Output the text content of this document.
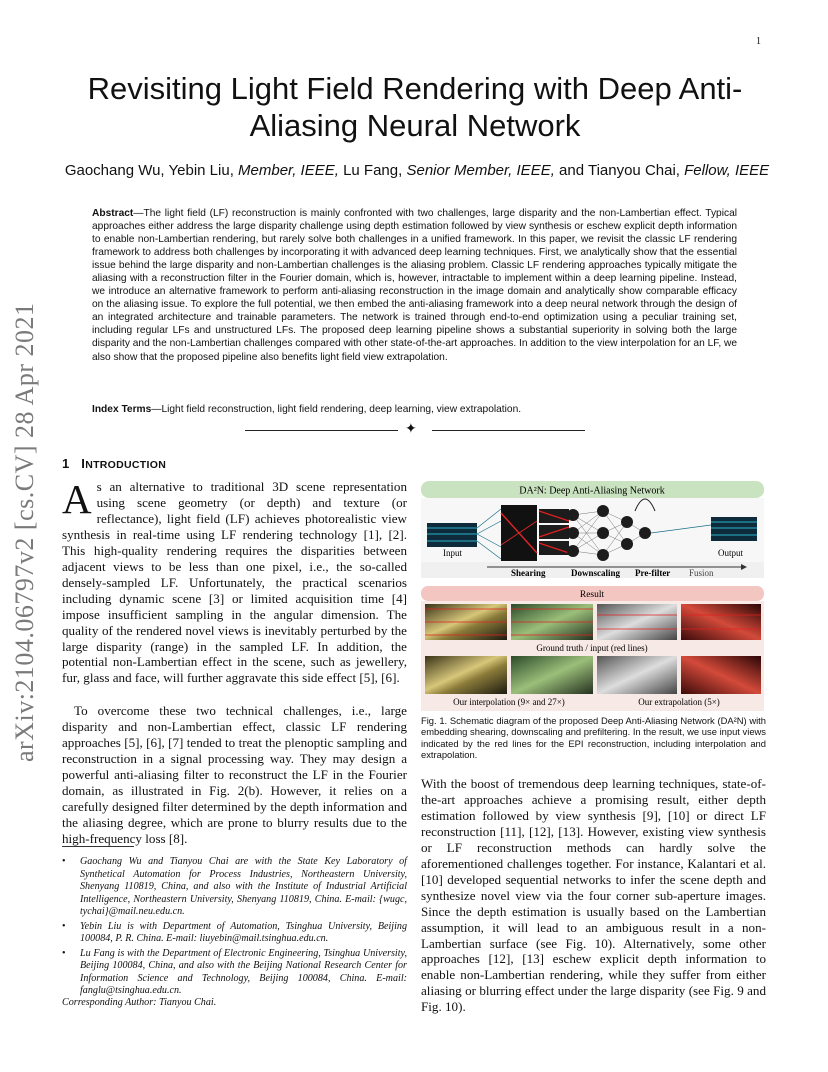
1
arXiv:2104.06797v2 [cs.CV] 28 Apr 2021
Revisiting Light Field Rendering with Deep Anti-Aliasing Neural Network
Gaochang Wu, Yebin Liu, Member, IEEE, Lu Fang, Senior Member, IEEE, and Tianyou Chai, Fellow, IEEE

Abstract—The light field (LF) reconstruction is mainly confronted with two challenges, large disparity and the non-Lambertian effect. Typical approaches either address the large disparity challenge using depth estimation followed by view synthesis or eschew explicit depth information to enable non-Lambertian rendering, but rarely solve both challenges in a unified framework. In this paper, we revisit the classic LF rendering framework to address both challenges by incorporating it with advanced deep learning techniques. First, we analytically show that the essential issue behind the large disparity and non-Lambertian challenges is the aliasing problem. Classic LF rendering approaches typically mitigate the aliasing with a reconstruction filter in the Fourier domain, which is, however, intractable to implement within a deep learning pipeline. Instead, we introduce an alternative framework to perform anti-aliasing reconstruction in the image domain and analytically show comparable efficacy on the aliasing issue. To explore the full potential, we then embed the anti-aliasing framework into a deep neural network through the design of an integrated architecture and trainable parameters. The network is trained through end-to-end optimization using a peculiar training set, including regular LFs and unstructured LFs. The proposed deep learning pipeline shows a substantial superiority in solving both the large disparity and the non-Lambertian challenges compared with other state-of-the-art approaches. In addition to the view interpolation for an LF, we also show that the proposed pipeline also benefits light field view extrapolation.

Index Terms—Light field reconstruction, light field rendering, deep learning, view extrapolation.
✦
1 INTRODUCTION

As an alternative to traditional 3D scene representation using scene geometry (or depth) and texture (or reflectance), light field (LF) achieves photorealistic view synthesis in real-time using LF rendering technology [1], [2]. This high-quality rendering requires the disparities between adjacent views to be less than one pixel, i.e., the so-called densely-sampled LF. Unfortunately, the practical scenarios including dynamic scene [3] or limited acquisition time [4] impose insufficient sampling in the angular dimension. The quality of the rendered novel views is inevitably perturbed by the large disparity (range) in the sampled LF. In addition, the potential non-Lambertian effect in the scene, such as jewellery, fur, glass and face, will further aggravate this side effect [5], [6].

To overcome these two technical challenges, i.e., large disparity and non-Lambertian effect, classic LF rendering approaches [5], [6], [7] tended to treat the plenoptic sampling and reconstruction in a signal processing way. They may design a powerful anti-aliasing filter to reconstruct the LF in the Fourier domain, as illustrated in Fig. 2(b). However, it relies on a carefully designed filter determined by the depth information and the aliasing degree, which are prone to blurry results due to the high-frequency loss [8].

• Gaochang Wu and Tianyou Chai are with the State Key Laboratory of Synthetical Automation for Process Industries, Northeastern University, Shenyang 110819, China, and also with the Institute of Industrial Artificial Intelligence, Northeastern University, Shenyang 110819, China. E-mail: {wugc, tychai}@mail.neu.edu.cn.
• Yebin Liu is with Department of Automation, Tsinghua University, Beijing 100084, P. R. China. E-mail: liuyebin@mail.tsinghua.edu.cn.
• Lu Fang is with the Department of Electronic Engineering, Tsinghua University, Beijing 100084, China, and also with the Beijing National Research Center for Information Science and Technology, Beijing 100084, China. E-mail: fanglu@tsinghua.edu.cn.
Corresponding Author: Tianyou Chai.
DA²N: Deep Anti-Aliasing Network
Input	Output
Shearing	Downscaling Pre-filter Fusion
Result
Ground truth / input (red lines)
Our interpolation (9× and 27×)	Our extrapolation (5×)
Fig. 1. Schematic diagram of the proposed Deep Anti-Aliasing Network (DA²N) with embedding shearing, downscaling and prefiltering. In the result, we use input views indicated by the red lines for the EPI reconstruction, including interpolation and extrapolation.

With the boost of tremendous deep learning techniques, state-of-the-art approaches achieve a promising result, either depth estimation followed by view synthesis [9], [10] or direct LF reconstruction [11], [12], [13]. However, existing view synthesis or LF reconstruction methods can hardly solve the aforementioned challenges together. For instance, Kalantari et al. [10] developed sequential networks to infer the scene depth and synthesize novel view via the four corner sub-aperture images. Since the depth estimation is usually based on the Lambertian assumption, it will lead to an ambiguous result in a non-Lambertian surface (see Fig. 10). Alternatively, some other approaches [12], [13] eschew explicit depth information to enable non-Lambertian rendering, while they suffer from either aliasing or blurring effect under the large disparity (see Fig. 9 and Fig. 10).
